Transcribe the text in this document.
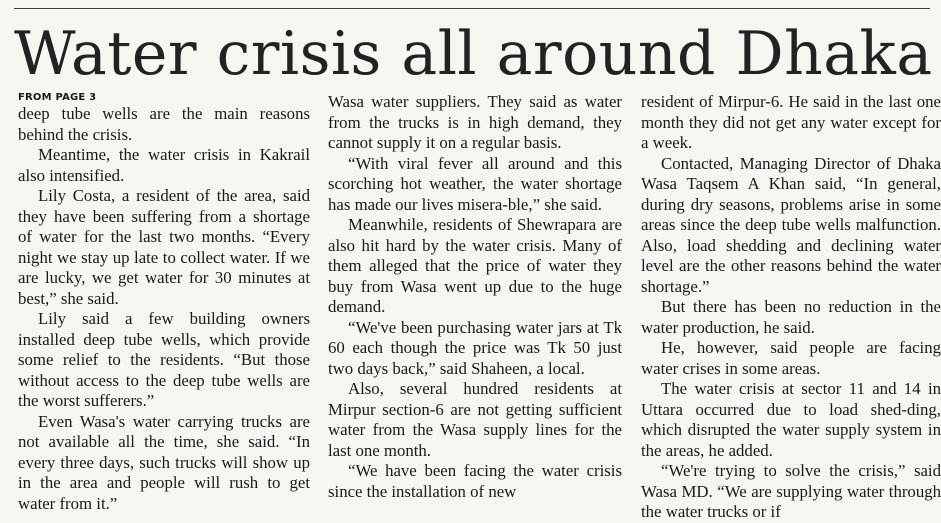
Water crisis all around Dhaka
FROM PAGE 3

deep tube wells are the main reasons behind the crisis.

Meantime, the water crisis in Kakrail also intensified.

Lily Costa, a resident of the area, said they have been suffering from a shortage of water for the last two months. “Every night we stay up late to collect water. If we are lucky, we get water for 30 minutes at best,” she said.

Lily said a few building owners installed deep tube wells, which provide some relief to the residents. “But those without access to the deep tube wells are the worst sufferers.”

Even Wasa's water carrying trucks are not available all the time, she said. “In every three days, such trucks will show up in the area and people will rush to get water from it.”

Wasa water suppliers. They said as water from the trucks is in high demand, they cannot supply it on a regular basis.

“With viral fever all around and this scorching hot weather, the water shortage has made our lives misera-ble,” she said.

Meanwhile, residents of Shewrapara are also hit hard by the water crisis. Many of them alleged that the price of water they buy from Wasa went up due to the huge demand.

“We've been purchasing water jars at Tk 60 each though the price was Tk 50 just two days back,” said Shaheen, a local.

Also, several hundred residents at Mirpur section-6 are not getting sufficient water from the Wasa supply lines for the last one month.

“We have been facing the water crisis since the installation of new

resident of Mirpur-6. He said in the last one month they did not get any water except for a week.

Contacted, Managing Director of Dhaka Wasa Taqsem A Khan said, “In general, during dry seasons, problems arise in some areas since the deep tube wells malfunction. Also, load shedding and declining water level are the other reasons behind the water shortage.”

But there has been no reduction in the water production, he said.

He, however, said people are facing water crises in some areas.

The water crisis at sector 11 and 14 in Uttara occurred due to load shed-ding, which disrupted the water supply system in the areas, he added.

“We're trying to solve the crisis,” said Wasa MD. “We are supplying water through the water trucks or if
